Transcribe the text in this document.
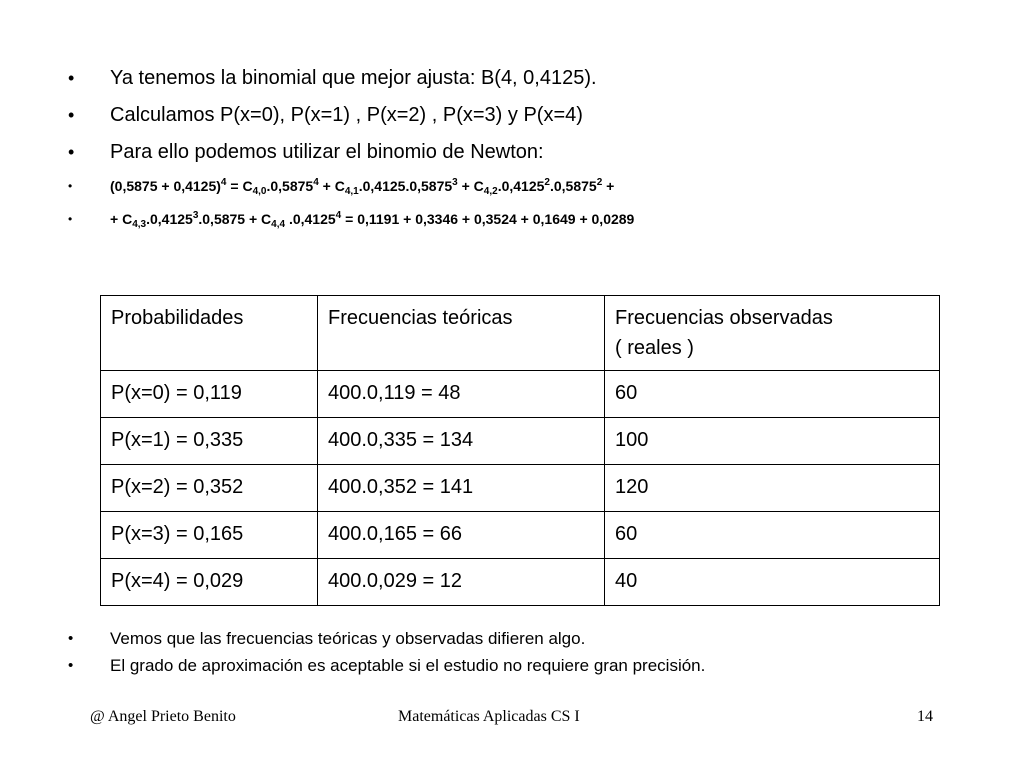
• Ya tenemos la binomial que mejor ajusta: B(4, 0,4125).
• Calculamos P(x=0), P(x=1) , P(x=2) , P(x=3) y P(x=4)
• Para ello podemos utilizar el binomio de Newton:
• $(0,5875 + 0,4125)^4 = C_{4,0}.0,5875^4 + C_{4,1}.0,4125.0,5875^3 + C_{4,2}.0,4125^2.0,5875^2$ +
• + $C_{4,3}.0,4125^3.0,5875 + C_{4,4}$ $.0,4125^4 = 0,1191 + 0,3346 + 0,3524 + 0,1649 + 0,0289$
Probabilidades	Frecuencias teóricas	Frecuencias observadas
( reales )
P(x=0) = 0,119	400.0,119 = 48	60
P(x=1) = 0,335	400.0,335 = 134	100
P(x=2) = 0,352	400.0,352 = 141	120
P(x=3) = 0,165	400.0,165 = 66	60
P(x=4) = 0,029	400.0,029 = 12	40
• Vemos que las frecuencias teóricas y observadas difieren algo.
• El grado de aproximación es aceptable si el estudio no requiere gran precisión.
@ Angel Prieto Benito	Matemáticas Aplicadas CS I	14
